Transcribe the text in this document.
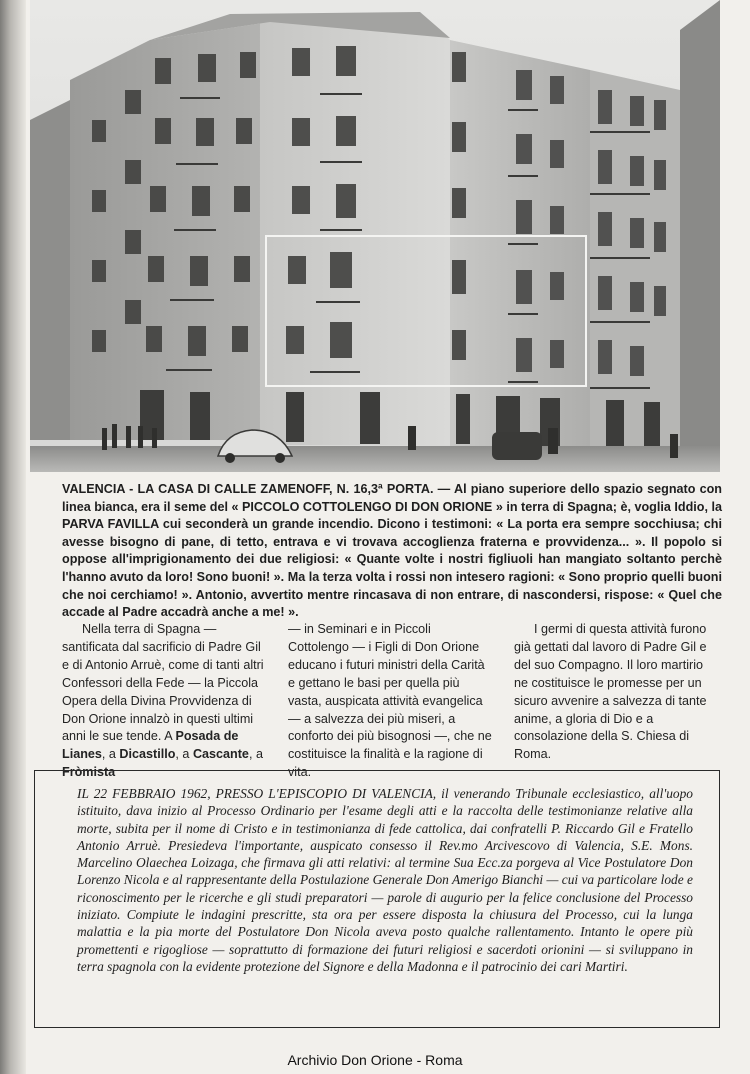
VALENCIA - LA CASA DI CALLE ZAMENOFF, N. 16,3ª PORTA. — Al piano superiore dello spazio segnato con linea bianca, era il seme del « PICCOLO COTTOLENGO DI DON ORIONE » in terra di Spagna; è, voglia Iddio, la PARVA FAVILLA cui seconderà un grande incendio. Dicono i testimoni: « La porta era sempre socchiusa; chi avesse bisogno di pane, di tetto, entrava e vi trovava accoglienza fraterna e provvidenza... ». Il popolo si oppose all'imprigionamento dei due religiosi: « Quante volte i nostri figliuoli han mangiato soltanto perchè l'hanno avuto da loro! Sono buoni! ». Ma la terza volta i rossi non intesero ragioni: « Sono proprio quelli buoni che noi cerchiamo! ». Antonio, avvertito mentre rincasava di non entrare, di nascondersi, rispose: « Quel che accade al Padre accadrà anche a me! ».

Nella terra di Spagna — santificata dal sacrificio di Padre Gil e di Antonio Arruè, come di tanti altri Confessori della Fede — la Piccola Opera della Divina Provvidenza di Don Orione innalzò in questi ultimi anni le sue tende. A Posada de Lianes, a Dicastillo, a Cascante, a Fròmista

— in Seminari e in Piccoli Cottolengo — i Figli di Don Orione educano i futuri ministri della Carità e gettano le basi per quella più vasta, auspicata attività evangelica — a salvezza dei più miseri, a conforto dei più bisognosi —, che ne costituisce la finalità e la ragione di vita.

I germi di questa attività furono già gettati dal lavoro di Padre Gil e del suo Compagno. Il loro martirio ne costituisce le promesse per un sicuro avvenire a salvezza di tante anime, a gloria di Dio e a consolazione della S. Chiesa di Roma.

IL 22 FEBBRAIO 1962, PRESSO L'EPISCOPIO DI VALENCIA, il venerando Tribunale ecclesiastico, all'uopo istituito, dava inizio al Processo Ordinario per l'esame degli atti e la raccolta delle testimonianze relative alla morte, subita per il nome di Cristo e in testimonianza di fede cattolica, dai confratelli P. Riccardo Gil e Fratello Antonio Arruè. Presiedeva l'importante, auspicato consesso il Rev.mo Arcivescovo di Valencia, S.E. Mons. Marcelino Olaechea Loizaga, che firmava gli atti relativi: al termine Sua Ecc.za porgeva al Vice Postulatore Don Lorenzo Nicola e al rappresentante della Postulazione Generale Don Amerigo Bianchi — cui va particolare lode e riconoscimento per le ricerche e gli studi preparatori — parole di augurio per la felice conclusione del Processo iniziato. Compiute le indagini prescritte, sta ora per essere disposta la chiusura del Processo, cui la lunga malattia e la pia morte del Postulatore Don Nicola aveva posto qualche rallentamento. Intanto le opere più promettenti e rigogliose — soprattutto di formazione dei futuri religiosi e sacerdoti orionini — si sviluppano in terra spagnola con la evidente protezione del Signore e della Madonna e il patrocinio dei cari Martiri.

Archivio Don Orione - Roma
